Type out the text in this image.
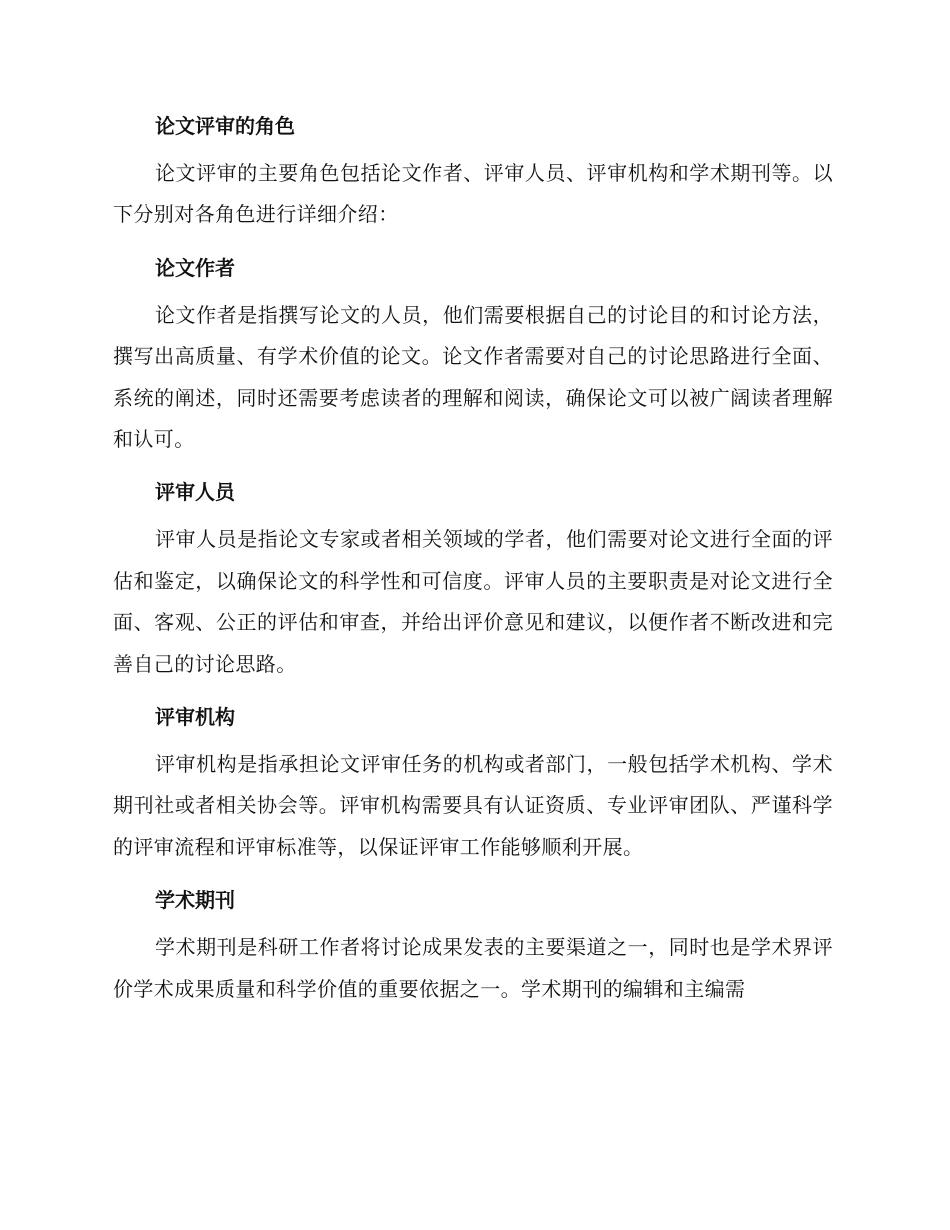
论文评审的角色

论文评审的主要角色包括论文作者、评审人员、评审机构和学术期刊等。以下分别对各角色进行详细介绍：

论文作者

论文作者是指撰写论文的人员，他们需要根据自己的讨论目的和讨论方法，撰写出高质量、有学术价值的论文。论文作者需要对自己的讨论思路进行全面、系统的阐述，同时还需要考虑读者的理解和阅读，确保论文可以被广阔读者理解和认可。

评审人员

评审人员是指论文专家或者相关领域的学者，他们需要对论文进行全面的评估和鉴定，以确保论文的科学性和可信度。评审人员的主要职责是对论文进行全面、客观、公正的评估和审查，并给出评价意见和建议，以便作者不断改进和完善自己的讨论思路。

评审机构

评审机构是指承担论文评审任务的机构或者部门，一般包括学术机构、学术期刊社或者相关协会等。评审机构需要具有认证资质、专业评审团队、严谨科学的评审流程和评审标准等，以保证评审工作能够顺利开展。

学术期刊

学术期刊是科研工作者将讨论成果发表的主要渠道之一，同时也是学术界评价学术成果质量和科学价值的重要依据之一。学术期刊的编辑和主编需
